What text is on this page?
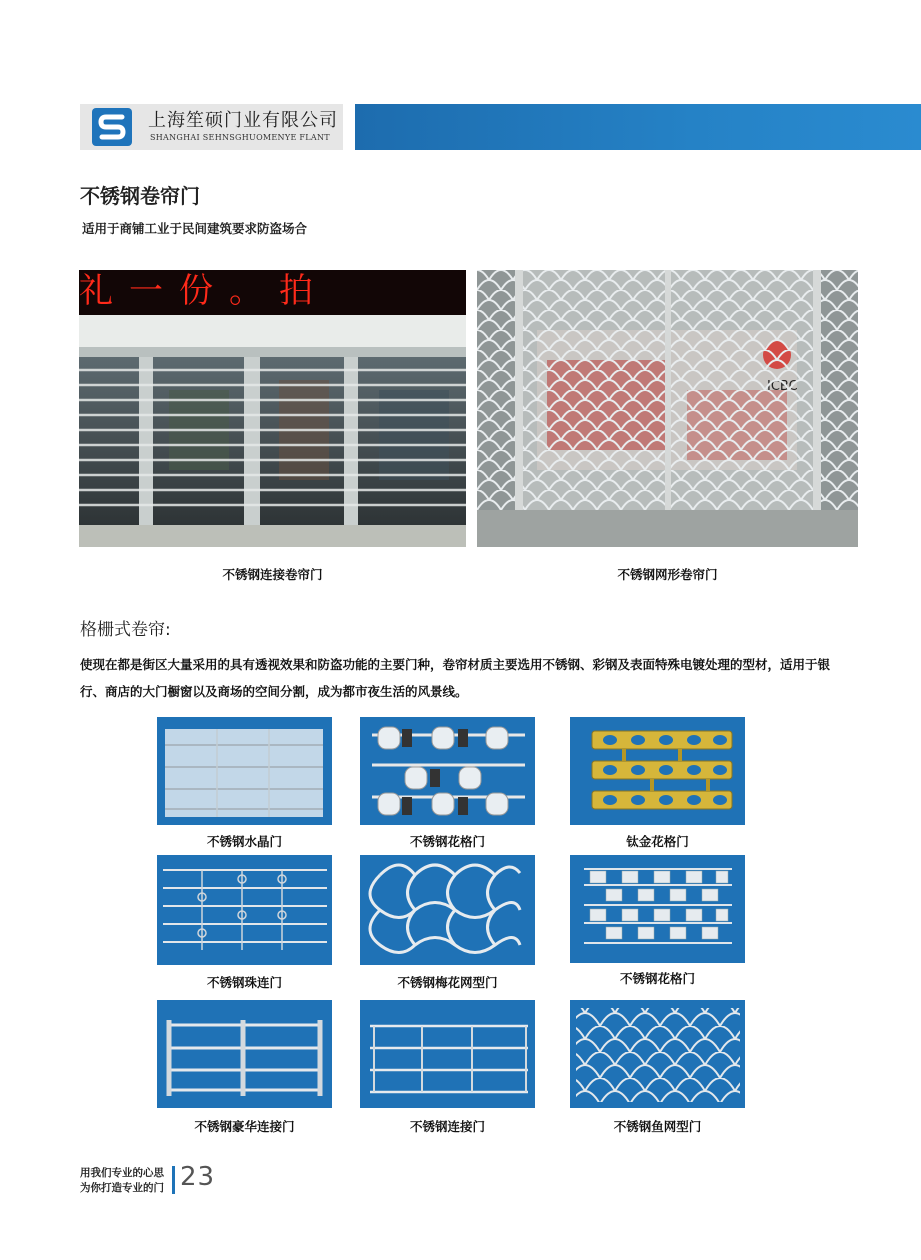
上海笙硕门业有限公司
SHANGHAI SEHNSGHUOMENYE FLANT
不锈钢卷帘门
适用于商铺工业于民间建筑要求防盗场合
礼一份。拍
不锈钢连接卷帘门	不锈钢网形卷帘门
格栅式卷帘:
使现在都是街区大量采用的具有透视效果和防盗功能的主要门种，卷帘材质主要选用不锈钢、彩钢及表面特殊电镀处理的型材，适用于银行、商店的大门橱窗以及商场的空间分割，成为都市夜生活的风景线。
不锈钢水晶门	不锈钢花格门	钛金花格门
不锈钢珠连门	不锈钢梅花网型门	不锈钢花格门
不锈钢豪华连接门	不锈钢连接门	不锈钢鱼网型门
用我们专业的心思
为你打造专业的门 23
